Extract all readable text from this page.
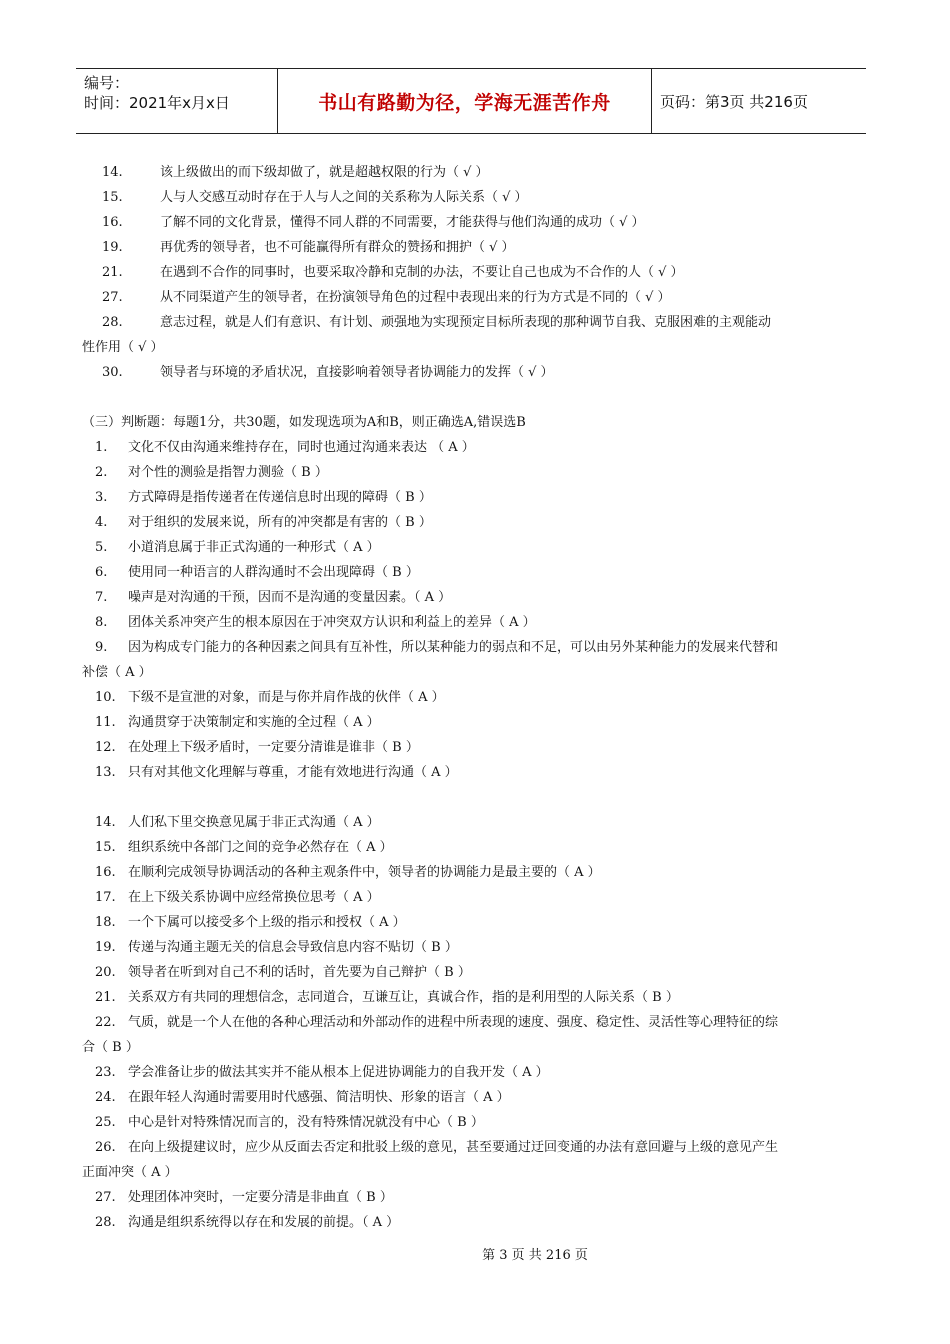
编号：
时间：2021年x月x日	书山有路勤为径，学海无涯苦作舟	页码：第3页 共216页
14.	该上级做出的而下级却做了，就是超越权限的行为（ √ ）
15.	人与人交感互动时存在于人与人之间的关系称为人际关系（ √ ）
16.	了解不同的文化背景，懂得不同人群的不同需要，才能获得与他们沟通的成功（ √ ）
19.	再优秀的领导者，也不可能赢得所有群众的赞扬和拥护（ √ ）
21.	在遇到不合作的同事时，也要采取冷静和克制的办法，不要让自己也成为不合作的人（ √ ）
27.	从不同渠道产生的领导者，在扮演领导角色的过程中表现出来的行为方式是不同的（ √ ）
28.	意志过程，就是人们有意识、有计划、顽强地为实现预定目标所表现的那种调节自我、克服困难的主观能动
性作用（ √ ）
30.	领导者与环境的矛盾状况，直接影响着领导者协调能力的发挥（ √ ）
（三）判断题：每题1分，共30题，如发现选项为A和B，则正确选A,错误选B
1.	文化不仅由沟通来维持存在，同时也通过沟通来表达 （ A ）
2.	对个性的测验是指智力测验（ B ）
3.	方式障碍是指传递者在传递信息时出现的障碍（ B ）
4.	对于组织的发展来说，所有的冲突都是有害的（ B ）
5.	小道消息属于非正式沟通的一种形式（ A ）
6.	使用同一种语言的人群沟通时不会出现障碍（ B ）
7.	噪声是对沟通的干预，因而不是沟通的变量因素。（ A ）
8.	团体关系冲突产生的根本原因在于冲突双方认识和利益上的差异（ A ）
9.	因为构成专门能力的各种因素之间具有互补性，所以某种能力的弱点和不足，可以由另外某种能力的发展来代替和
补偿（ A ）
10. 下级不是宣泄的对象，而是与你并肩作战的伙伴（ A ）
11. 沟通贯穿于决策制定和实施的全过程（ A ）
12. 在处理上下级矛盾时，一定要分清谁是谁非（ B ）
13. 只有对其他文化理解与尊重，才能有效地进行沟通（ A ）
14. 人们私下里交换意见属于非正式沟通（ A ）
15. 组织系统中各部门之间的竞争必然存在（ A ）
16. 在顺利完成领导协调活动的各种主观条件中，领导者的协调能力是最主要的（ A ）
17. 在上下级关系协调中应经常换位思考（ A ）
18. 一个下属可以接受多个上级的指示和授权（ A ）
19. 传递与沟通主题无关的信息会导致信息内容不贴切（ B ）
20. 领导者在听到对自己不利的话时，首先要为自己辩护（ B ）
21. 关系双方有共同的理想信念，志同道合，互谦互让，真诚合作，指的是利用型的人际关系（ B ）
22. 气质，就是一个人在他的各种心理活动和外部动作的进程中所表现的速度、强度、稳定性、灵活性等心理特征的综
合（ B ）
23. 学会准备让步的做法其实并不能从根本上促进协调能力的自我开发（ A ）
24. 在跟年轻人沟通时需要用时代感强、简洁明快、形象的语言（ A ）
25. 中心是针对特殊情况而言的，没有特殊情况就没有中心（ B ）
26. 在向上级提建议时，应少从反面去否定和批驳上级的意见，甚至要通过迂回变通的办法有意回避与上级的意见产生
正面冲突（ A ）
27. 处理团体冲突时，一定要分清是非曲直（ B ）
28. 沟通是组织系统得以存在和发展的前提。（ A ）
第 3 页 共 216 页
